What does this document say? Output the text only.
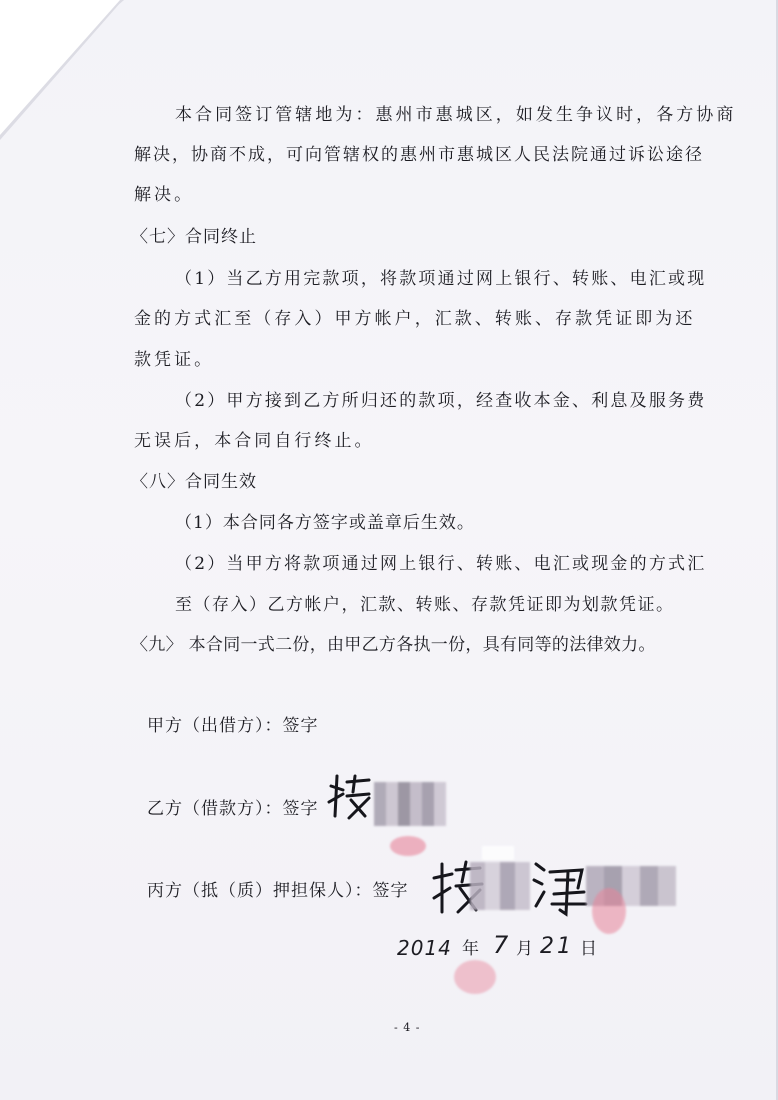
本合同签订管辖地为：惠州市惠城区，如发生争议时，各方协商
解决，协商不成，可向管辖权的惠州市惠城区人民法院通过诉讼途径
解决。
〈七〉合同终止
（1）当乙方用完款项，将款项通过网上银行、转账、电汇或现
金的方式汇至（存入）甲方帐户，汇款、转账、存款凭证即为还
款凭证。
（2）甲方接到乙方所归还的款项，经查收本金、利息及服务费
无误后，本合同自行终止。
〈八〉合同生效
（1）本合同各方签字或盖章后生效。
（2）当甲方将款项通过网上银行、转账、电汇或现金的方式汇
至（存入）乙方帐户，汇款、转账、存款凭证即为划款凭证。
〈九〉 本合同一式二份，由甲乙方各执一份，具有同等的法律效力。
甲方（出借方）：签字
乙方（借款方）：签字
丙方（抵（质）押担保人）：签字
2014 年 7 月 21 日
- 4 -
